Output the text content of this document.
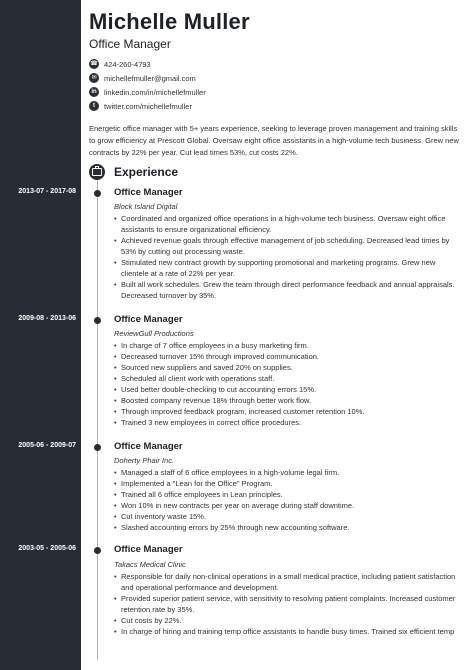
Michelle Muller
Office Manager
☎ 424-260-4793
✉ michellefmuller@gmail.com
in linkedin.com/in/michellefmuller
t	twitter.com/michellefmuller
Energetic office manager with 5+ years experience, seeking to leverage proven management and training skills to grow efficiency at Prescott Global. Oversaw eight office assistants in a high-volume tech business. Grew new contracts by 22% per year. Cut lead times 53%, cut costs 22%.
Experience
2013-07 - 2017-08	Office Manager
Block Island Digital
• Coordinated and organized office operations in a high-volume tech business. Oversaw eight office assistants to ensure organizational efficiency.
• Achieved revenue goals through effective management of job scheduling. Decreased lead times by 53% by cutting out processing waste.
• Stimulated new contract growth by supporting promotional and marketing programs. Grew new clientele at a rate of 22% per year.
• Built all work schedules. Grew the team through direct performance feedback and annual appraisals. Decreased turnover by 35%.
2009-08 - 2013-06	Office Manager
ReviewGull Productions
• In charge of 7 office employees in a busy marketing firm.
• Decreased turnover 15% through improved communication.
• Sourced new suppliers and saved 20% on supplies.
• Scheduled all client work with operations staff.
• Used better double-checking to cut accounting errors 15%.
• Boosted company revenue 18% through better work flow.
• Through improved feedback program, increased customer retention 10%.
• Trained 3 new employees in correct office procedures.
2005-06 - 2009-07	Office Manager
Doherty Phair Inc.
• Managed a staff of 6 office employees in a high-volume legal firm.
• Implemented a "Lean for the Office" Program.
• Trained all 6 office employees in Lean principles.
• Won 10% in new contracts per year on average during staff downtime.
• Cut inventory waste 15%.
• Slashed accounting errors by 25% through new accounting software.
2003-05 - 2005-06	Office Manager
Takacs Medical Clinic
• Responsible for daily non-clinical operations in a small medical practice, including patient satisfaction and operational performance and development.
• Provided superior patient service, with sensitivity to resolving patient complaints. Increased customer retention rate by 35%.
• Cut costs by 22%.
• In charge of hiring and training temp office assistants to handle busy times. Trained six efficient temp
